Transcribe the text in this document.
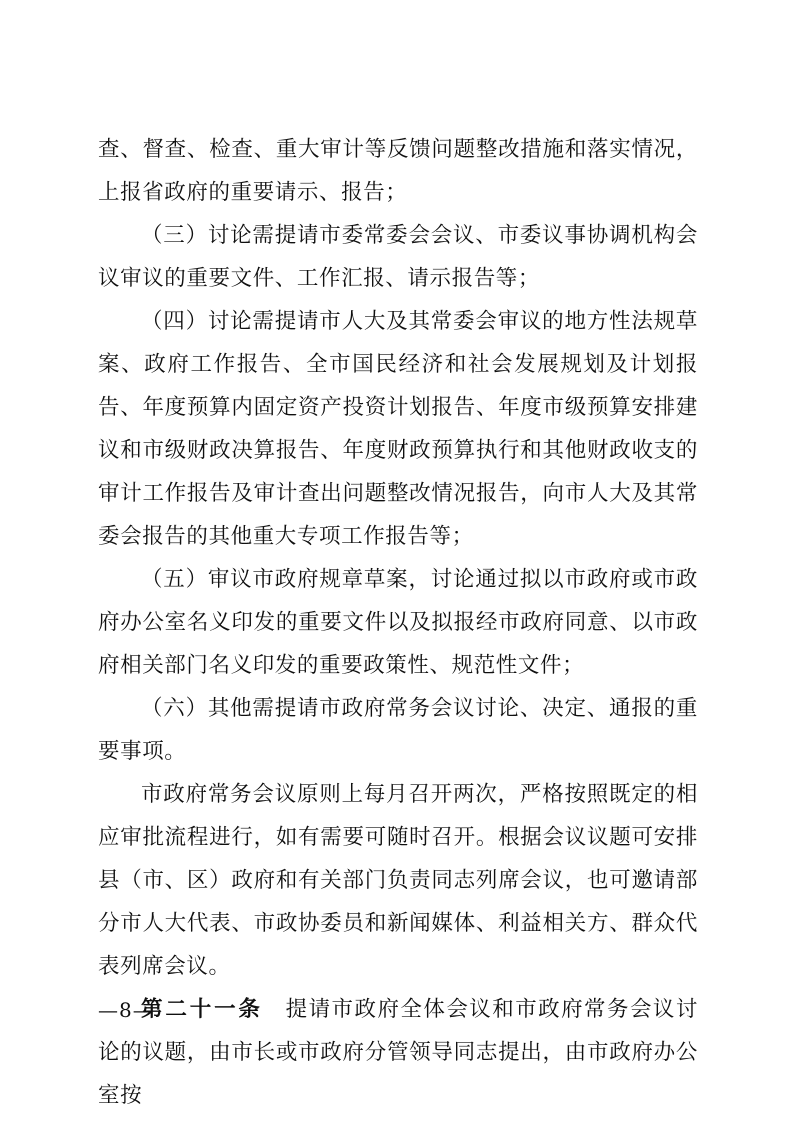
查、督查、检查、重大审计等反馈问题整改措施和落实情况，上报省政府的重要请示、报告；

（三）讨论需提请市委常委会会议、市委议事协调机构会议审议的重要文件、工作汇报、请示报告等；

（四）讨论需提请市人大及其常委会审议的地方性法规草案、政府工作报告、全市国民经济和社会发展规划及计划报告、年度预算内固定资产投资计划报告、年度市级预算安排建议和市级财政决算报告、年度财政预算执行和其他财政收支的审计工作报告及审计查出问题整改情况报告，向市人大及其常委会报告的其他重大专项工作报告等；

（五）审议市政府规章草案，讨论通过拟以市政府或市政府办公室名义印发的重要文件以及拟报经市政府同意、以市政府相关部门名义印发的重要政策性、规范性文件；

（六）其他需提请市政府常务会议讨论、决定、通报的重要事项。

市政府常务会议原则上每月召开两次，严格按照既定的相应审批流程进行，如有需要可随时召开。根据会议议题可安排县（市、区）政府和有关部门负责同志列席会议，也可邀请部分市人大代表、市政协委员和新闻媒体、利益相关方、群众代表列席会议。

第二十一条 提请市政府全体会议和市政府常务会议讨论的议题，由市长或市政府分管领导同志提出，由市政府办公室按

—8—
